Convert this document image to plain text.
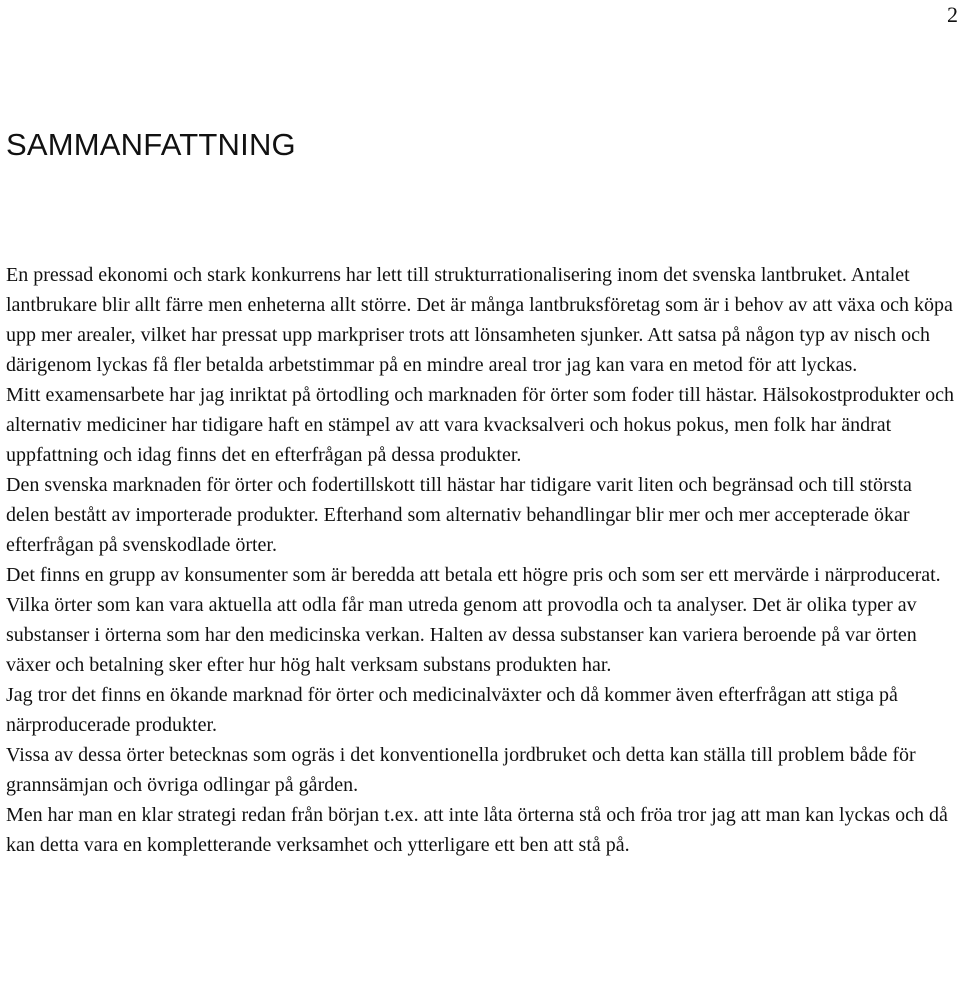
2
SAMMANFATTNING

En pressad ekonomi och stark konkurrens har lett till strukturrationalisering inom det svenska lantbruket. Antalet lantbrukare blir allt färre men enheterna allt större. Det är många lantbruksföretag som är i behov av att växa och köpa upp mer arealer, vilket har pressat upp markpriser trots att lönsamheten sjunker. Att satsa på någon typ av nisch och därigenom lyckas få fler betalda arbetstimmar på en mindre areal tror jag kan vara en metod för att lyckas.

Mitt examensarbete har jag inriktat på örtodling och marknaden för örter som foder till hästar. Hälsokostprodukter och alternativ mediciner har tidigare haft en stämpel av att vara kvacksalveri och hokus pokus, men folk har ändrat uppfattning och idag finns det en efterfrågan på dessa produkter.

Den svenska marknaden för örter och fodertillskott till hästar har tidigare varit liten och begränsad och till största delen bestått av importerade produkter. Efterhand som alternativ behandlingar blir mer och mer accepterade ökar efterfrågan på svenskodlade örter.

Det finns en grupp av konsumenter som är beredda att betala ett högre pris och som ser ett mervärde i närproducerat. Vilka örter som kan vara aktuella att odla får man utreda genom att provodla och ta analyser. Det är olika typer av substanser i örterna som har den medicinska verkan. Halten av dessa substanser kan variera beroende på var örten växer och betalning sker efter hur hög halt verksam substans produkten har.

Jag tror det finns en ökande marknad för örter och medicinalväxter och då kommer även efterfrågan att stiga på närproducerade produkter.

Vissa av dessa örter betecknas som ogräs i det konventionella jordbruket och detta kan ställa till problem både för grannsämjan och övriga odlingar på gården.

Men har man en klar strategi redan från början t.ex. att inte låta örterna stå och fröa tror jag att man kan lyckas och då kan detta vara en kompletterande verksamhet och ytterligare ett ben att stå på.
